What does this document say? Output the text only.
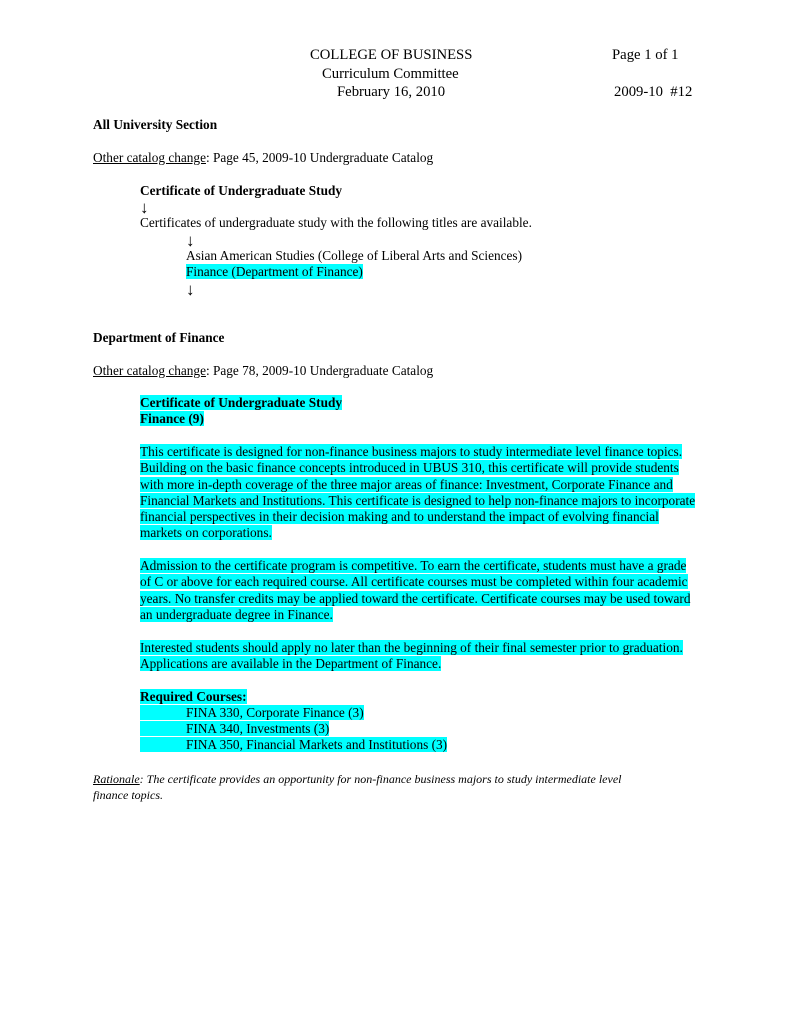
COLLEGE OF BUSINESS
Curriculum Committee
February 16, 2010
Page 1 of 1
2009-10  #12
All University Section
Other catalog change: Page 45, 2009-10 Undergraduate Catalog
Certificate of Undergraduate Study
↓
Certificates of undergraduate study with the following titles are available.
↓
Asian American Studies (College of Liberal Arts and Sciences)
Finance (Department of Finance)
↓
Department of Finance
Other catalog change: Page 78, 2009-10 Undergraduate Catalog
Certificate of Undergraduate Study
Finance (9)
This certificate is designed for non-finance business majors to study intermediate level finance topics. Building on the basic finance concepts introduced in UBUS 310, this certificate will provide students with more in-depth coverage of the three major areas of finance: Investment, Corporate Finance and Financial Markets and Institutions. This certificate is designed to help non-finance majors to incorporate financial perspectives in their decision making and to understand the impact of evolving financial markets on corporations.
Admission to the certificate program is competitive. To earn the certificate, students must have a grade of C or above for each required course. All certificate courses must be completed within four academic years. No transfer credits may be applied toward the certificate. Certificate courses may be used toward an undergraduate degree in Finance.
Interested students should apply no later than the beginning of their final semester prior to graduation. Applications are available in the Department of Finance.
Required Courses:
FINA 330, Corporate Finance (3)
FINA 340, Investments (3)
FINA 350, Financial Markets and Institutions (3)
Rationale: The certificate provides an opportunity for non-finance business majors to study intermediate level
finance topics.
